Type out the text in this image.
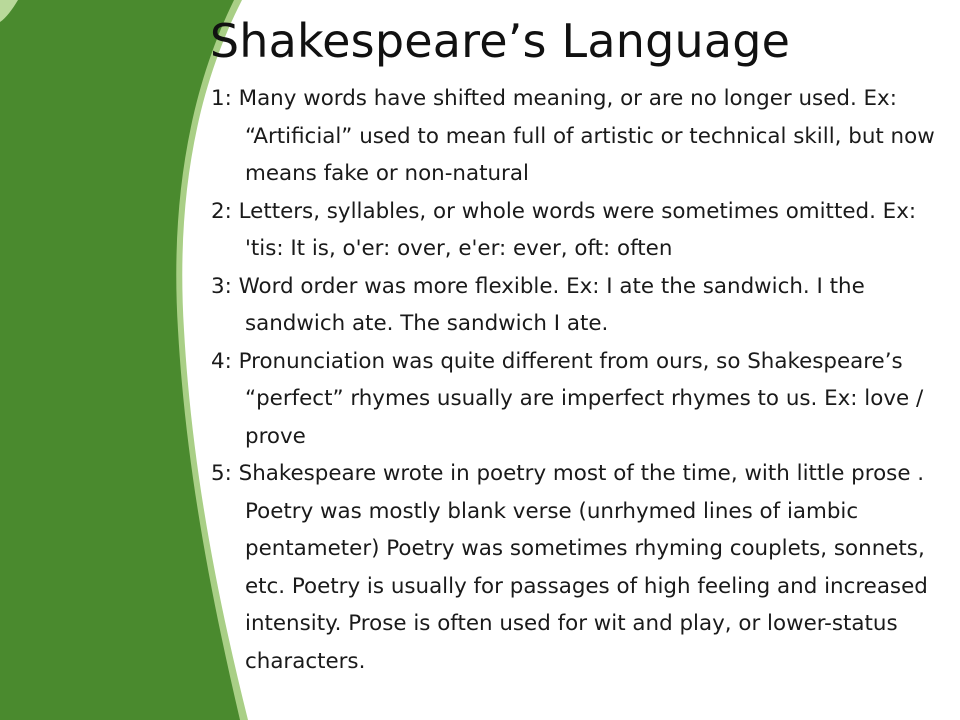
Shakespeare’s Language
1: Many words have shifted meaning, or are no longer used. Ex: “Artificial” used to mean full of artistic or technical skill, but now means fake or non-natural
2: Letters, syllables, or whole words were sometimes omitted. Ex: 'tis: It is, o'er: over, e'er: ever, oft: often
3: Word order was more flexible. Ex: I ate the sandwich. I the sandwich ate. The sandwich I ate.
4: Pronunciation was quite different from ours, so Shakespeare’s “perfect” rhymes usually are imperfect rhymes to us. Ex: love / prove
5: Shakespeare wrote in poetry most of the time, with little prose . Poetry was mostly blank verse (unrhymed lines of iambic pentameter) Poetry was sometimes rhyming couplets, sonnets, etc. Poetry is usually for passages of high feeling and increased intensity. Prose is often used for wit and play, or lower-status characters.
